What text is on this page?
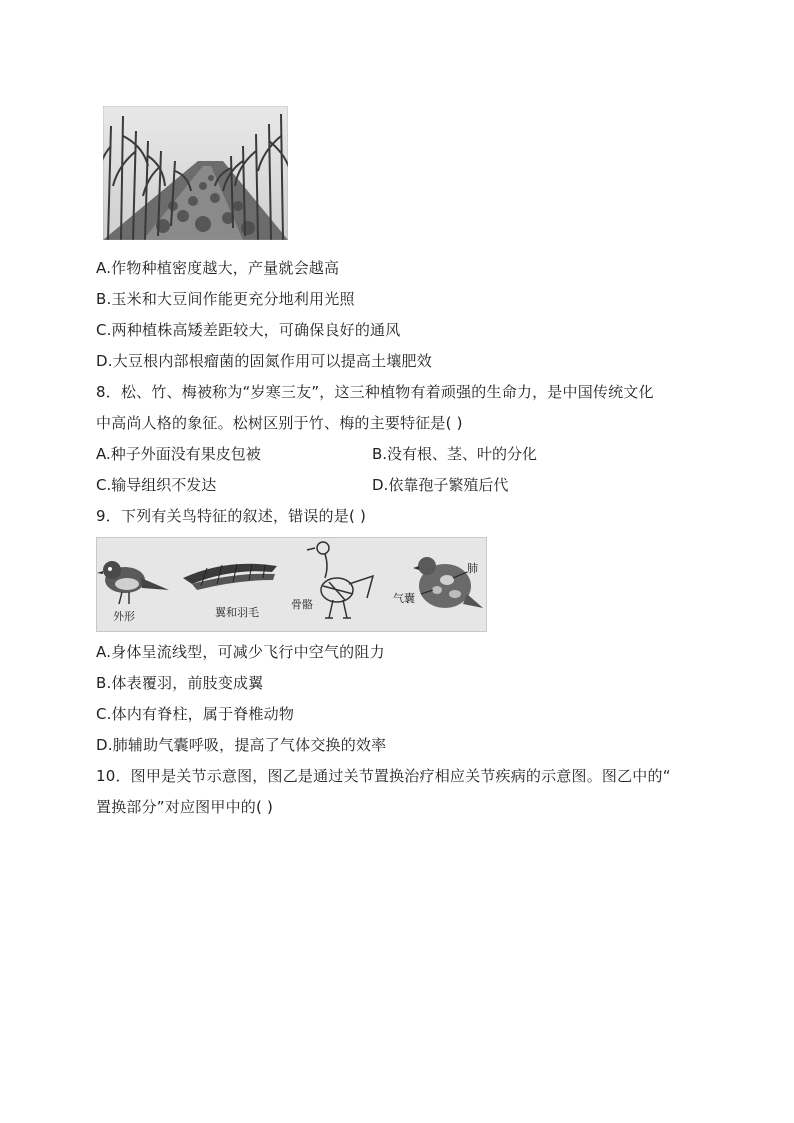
A.作物种植密度越大，产量就会越高
B.玉米和大豆间作能更充分地利用光照
C.两种植株高矮差距较大，可确保良好的通风
D.大豆根内部根瘤菌的固氮作用可以提高土壤肥效
8．松、竹、梅被称为“岁寒三友”，这三种植物有着顽强的生命力，是中国传统文化
中高尚人格的象征。松树区别于竹、梅的主要特征是( )
A.种子外面没有果皮包被	B.没有根、茎、叶的分化
C.输导组织不发达	D.依靠孢子繁殖后代
9．下列有关鸟特征的叙述，错误的是( )
外形	翼和羽毛
骨骼	气囊
肺
A.身体呈流线型，可减少飞行中空气的阻力
B.体表覆羽，前肢变成翼
C.体内有脊柱，属于脊椎动物
D.肺辅助气囊呼吸，提高了气体交换的效率
10．图甲是关节示意图，图乙是通过关节置换治疗相应关节疾病的示意图。图乙中的“
置换部分”对应图甲中的( )
